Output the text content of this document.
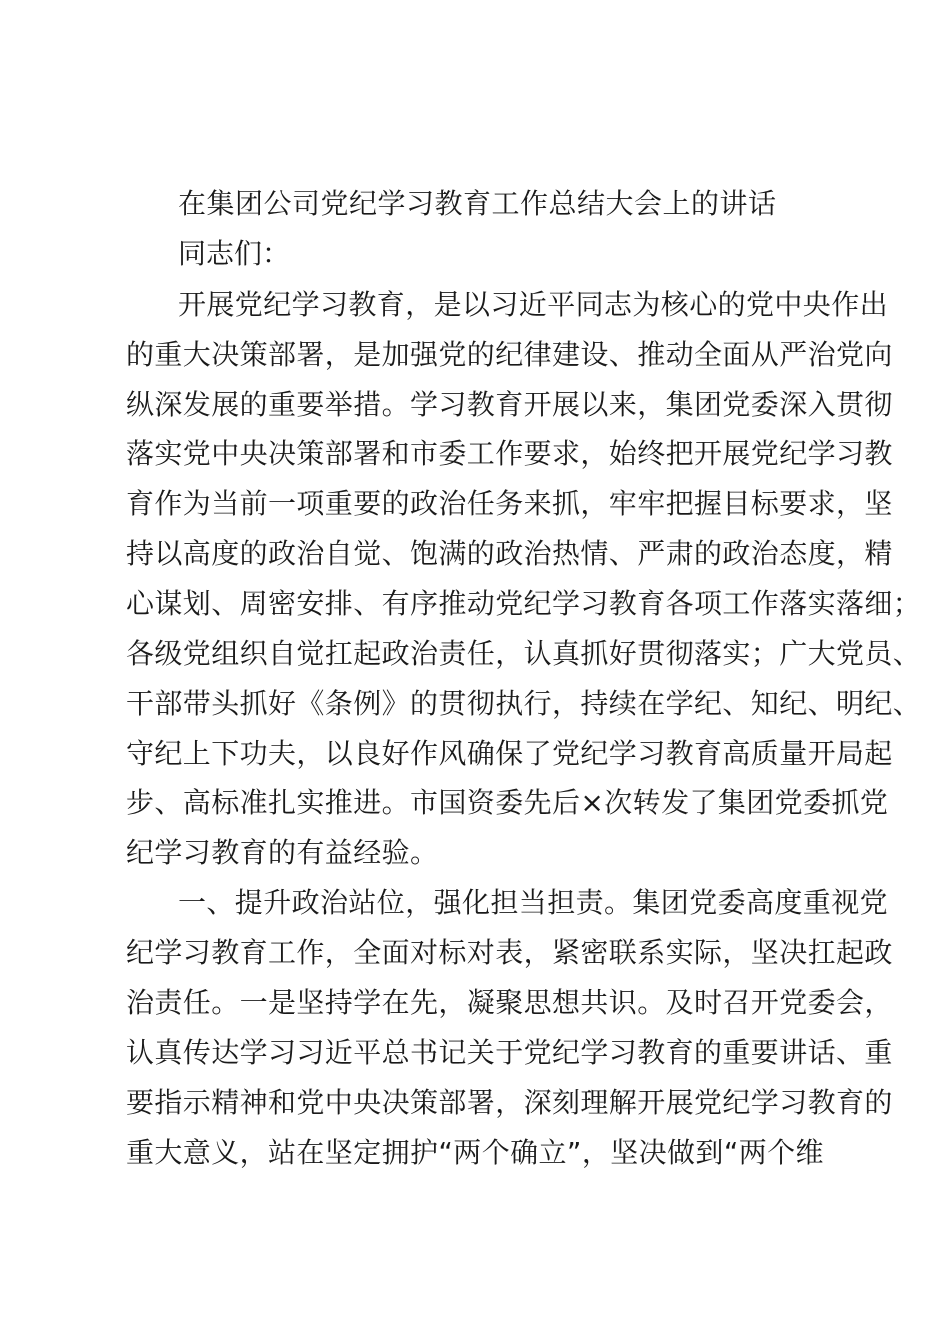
在集团公司党纪学习教育工作总结大会上的讲话
同志们：
开展党纪学习教育，是以习近平同志为核心的党中央作出
的重大决策部署，是加强党的纪律建设、推动全面从严治党向
纵深发展的重要举措。学习教育开展以来，集团党委深入贯彻
落实党中央决策部署和市委工作要求，始终把开展党纪学习教
育作为当前一项重要的政治任务来抓，牢牢把握目标要求，坚
持以高度的政治自觉、饱满的政治热情、严肃的政治态度，精
心谋划、周密安排、有序推动党纪学习教育各项工作落实落细；
各级党组织自觉扛起政治责任，认真抓好贯彻落实；广大党员、
干部带头抓好《条例》的贯彻执行，持续在学纪、知纪、明纪、
守纪上下功夫，以良好作风确保了党纪学习教育高质量开局起
步、高标准扎实推进。市国资委先后×次转发了集团党委抓党
纪学习教育的有益经验。
一、提升政治站位，强化担当担责。集团党委高度重视党
纪学习教育工作，全面对标对表，紧密联系实际，坚决扛起政
治责任。一是坚持学在先，凝聚思想共识。及时召开党委会，
认真传达学习习近平总书记关于党纪学习教育的重要讲话、重
要指示精神和党中央决策部署，深刻理解开展党纪学习教育的
重大意义，站在坚定拥护“两个确立”，坚决做到“两个维
